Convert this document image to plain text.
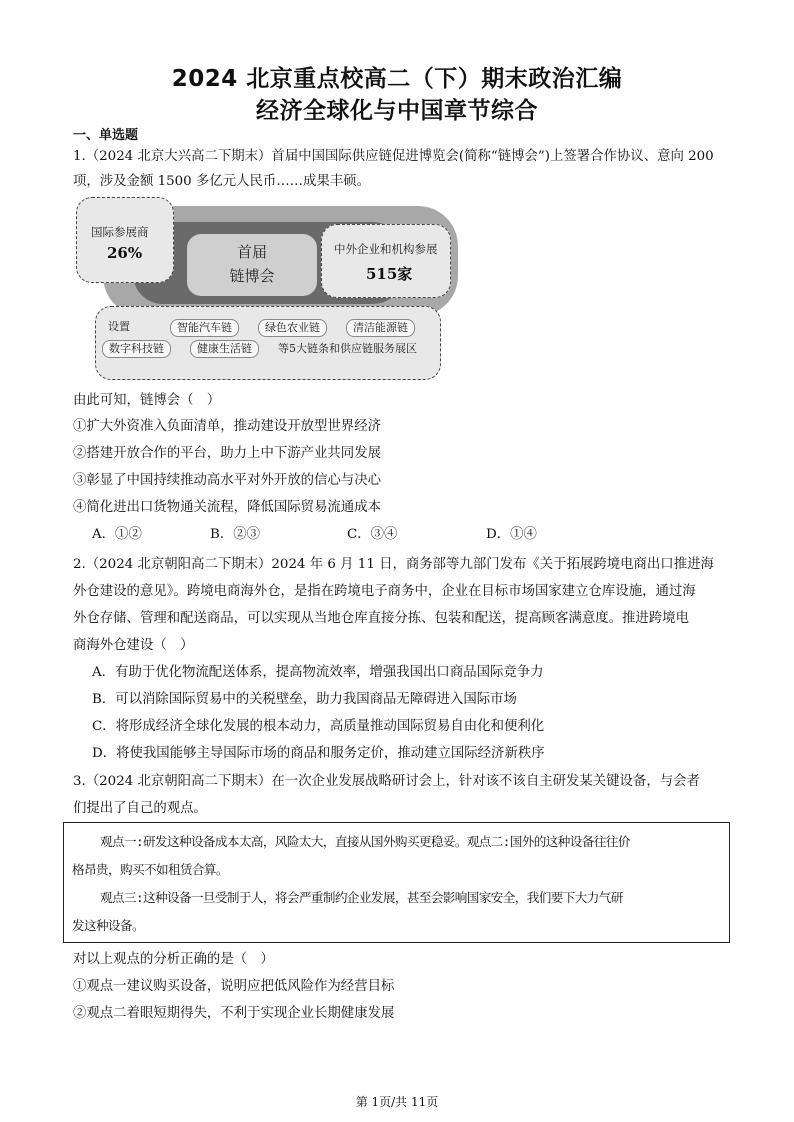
2024 北京重点校高二（下）期末政治汇编
经济全球化与中国章节综合
一、单选题
1.（2024 北京大兴高二下期末）首届中国国际供应链促进博览会(简称“链博会”)上签署合作协议、意向 200
项，涉及金额 1500 多亿元人民币……成果丰硕。
首届
链博会
国际参展商
26%	中外企业和机构参展
515家
设置	智能汽车链	绿色农业链	清洁能源链
数字科技链	健康生活链	等5大链条和供应链服务展区
由此可知，链博会（　）
①扩大外资准入负面清单，推动建设开放型世界经济
②搭建开放合作的平台，助力上中下游产业共同发展
③彰显了中国持续推动高水平对外开放的信心与决心
④简化进出口货物通关流程，降低国际贸易流通成本
A．①②	B．②③	C．③④	D．①④
2.（2024 北京朝阳高二下期末）2024 年 6 月 11 日，商务部等九部门发布《关于拓展跨境电商出口推进海
外仓建设的意见》。跨境电商海外仓，是指在跨境电子商务中，企业在目标市场国家建立仓库设施，通过海
外仓存储、管理和配送商品，可以实现从当地仓库直接分拣、包装和配送，提高顾客满意度。推进跨境电
商海外仓建设（　）
A．有助于优化物流配送体系，提高物流效率，增强我国出口商品国际竞争力
B．可以消除国际贸易中的关税壁垒，助力我国商品无障碍进入国际市场
C．将形成经济全球化发展的根本动力，高质量推动国际贸易自由化和便利化
D．将使我国能够主导国际市场的商品和服务定价，推动建立国际经济新秩序
3.（2024 北京朝阳高二下期末）在一次企业发展战略研讨会上，针对该不该自主研发某关键设备，与会者
们提出了自己的观点。
观点一:研发这种设备成本太高，风险太大，直接从国外购买更稳妥。观点二:国外的这种设备往往价
格昂贵，购买不如租赁合算。
观点三:这种设备一旦受制于人，将会严重制约企业发展，甚至会影响国家安全，我们要下大力气研
发这种设备。
对以上观点的分析正确的是（　）
①观点一建议购买设备，说明应把低风险作为经营目标
②观点二着眼短期得失，不利于实现企业长期健康发展
第 1页/共 11页
